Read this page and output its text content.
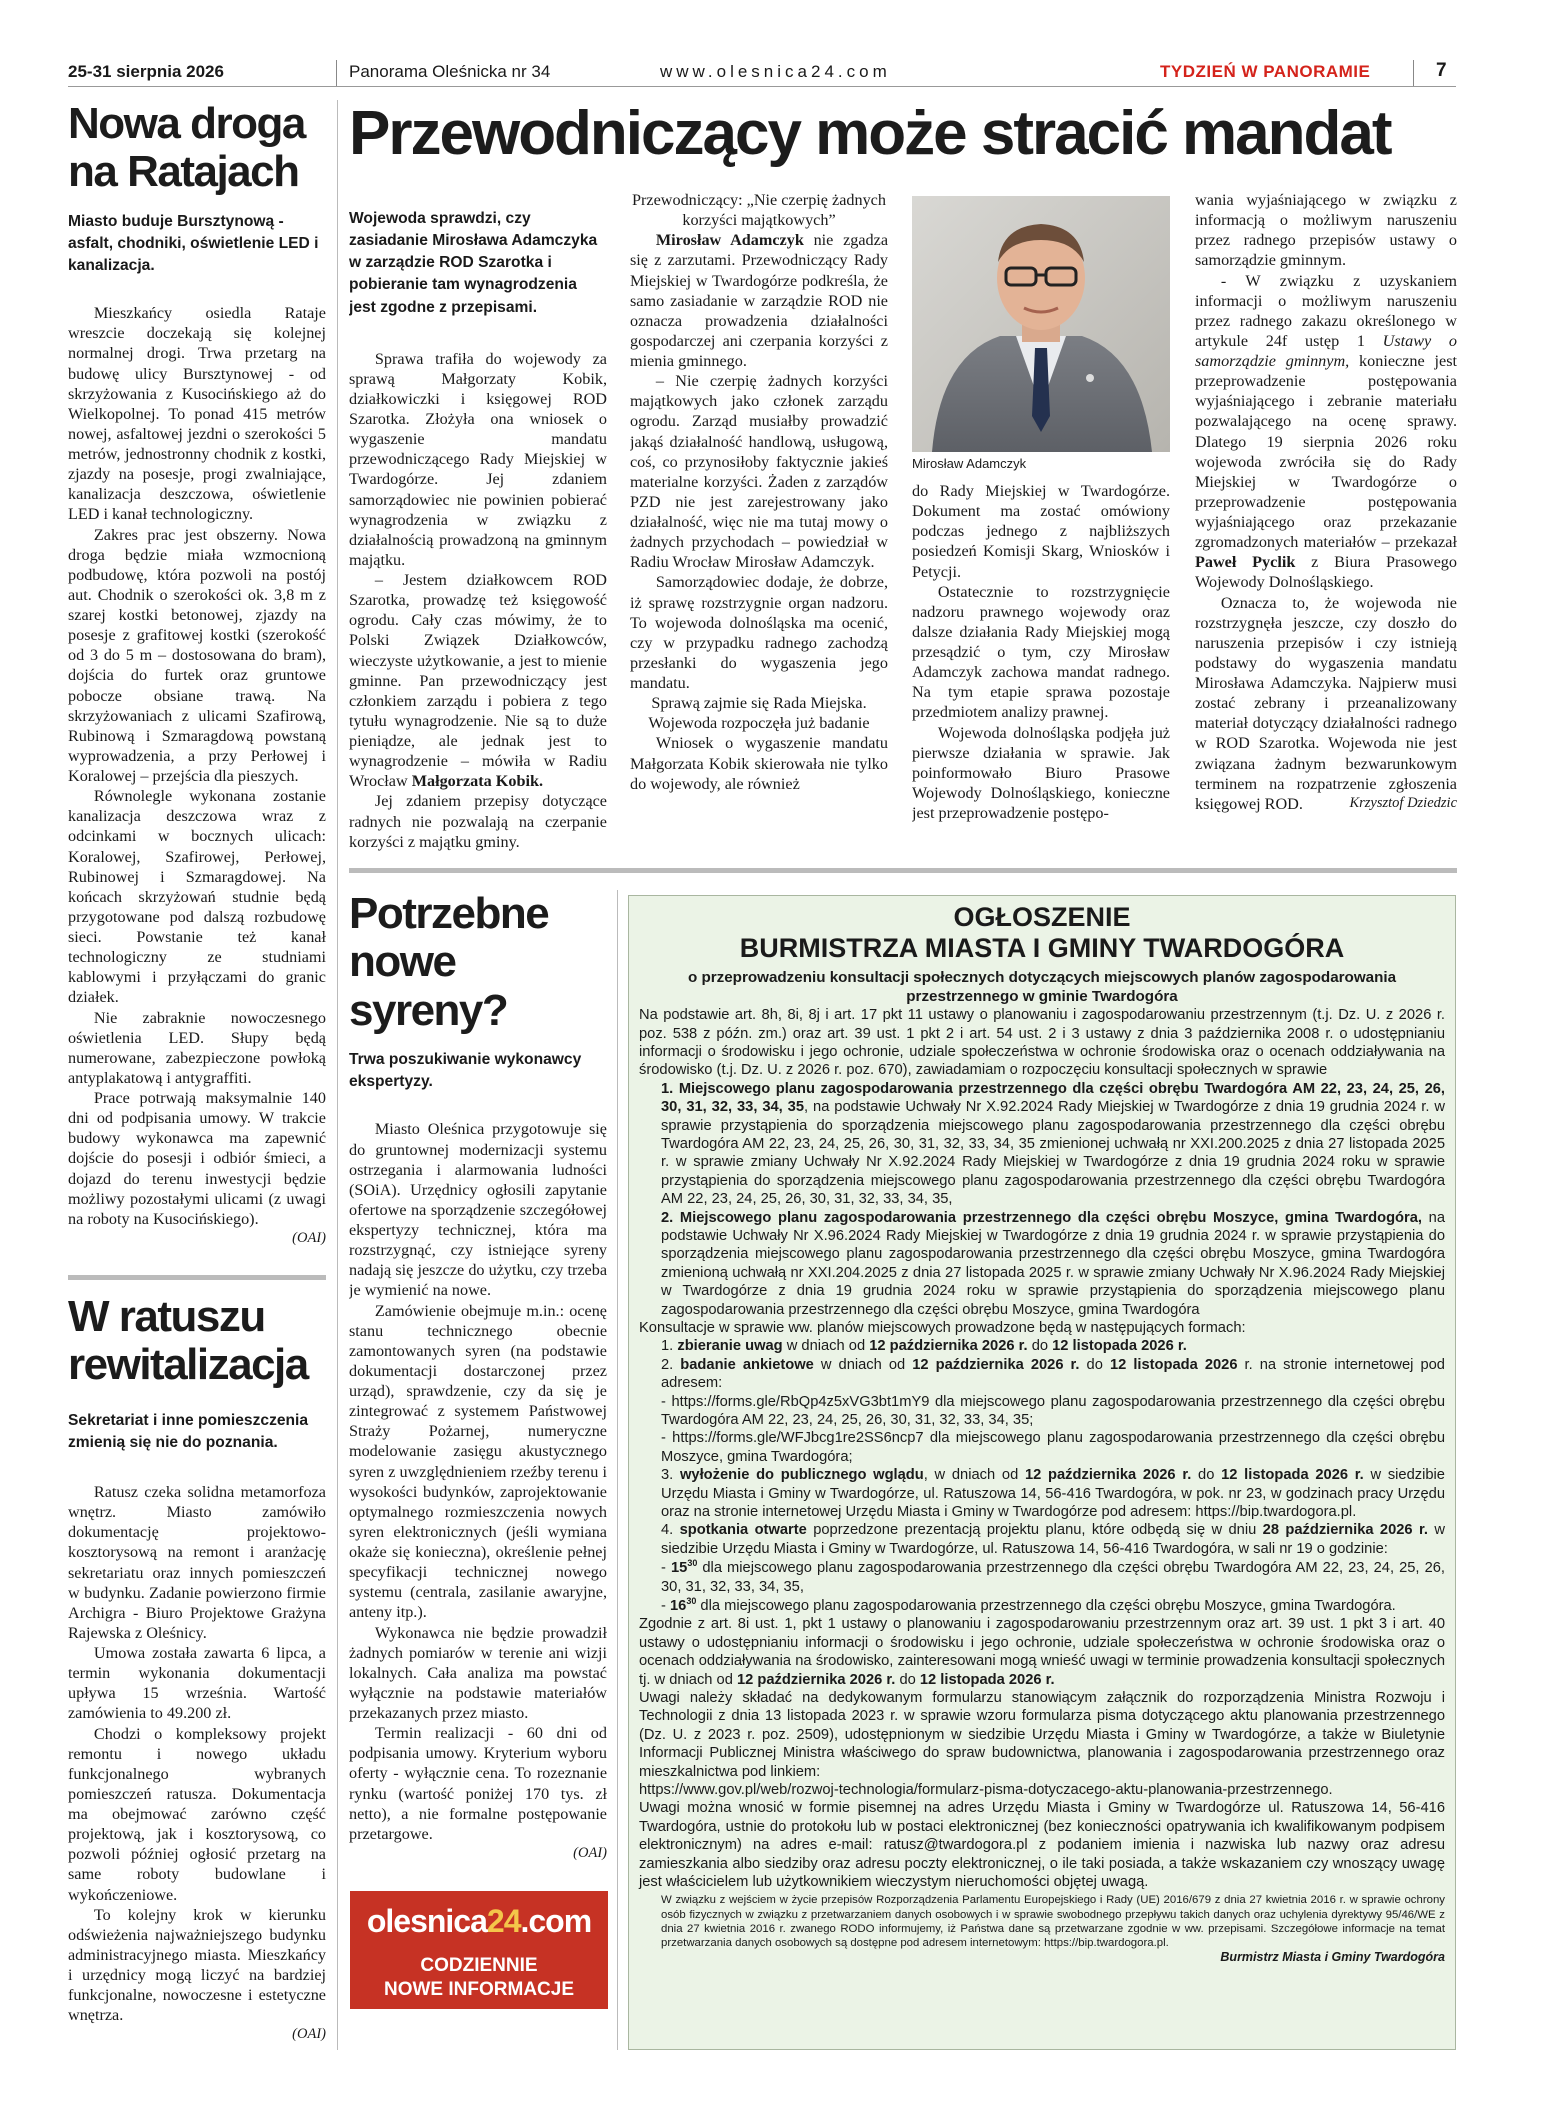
25-31 sierpnia 2026	Panorama Oleśnicka nr 34	www.olesnica24.com	TYDZIEŃ W PANORAMIE	7
Nowa droga
na Ratajach
Miasto buduje Bursztynową - asfalt, chodniki, oświetlenie LED i kanalizacja.

Mieszkańcy osiedla Rataje wreszcie doczekają się kolejnej normalnej drogi. Trwa przetarg na budowę ulicy Bursztynowej - od skrzyżowania z Kusocińskiego aż do Wielkopolnej. To ponad 415 metrów nowej, asfaltowej jezdni o szerokości 5 metrów, jednostronny chodnik z kostki, zjazdy na posesje, progi zwalniające, kanalizacja deszczowa, oświetlenie LED i kanał technologiczny.

Zakres prac jest obszerny. Nowa droga będzie miała wzmocnioną podbudowę, która pozwoli na postój aut. Chodnik o szerokości ok. 3,8 m z szarej kostki betonowej, zjazdy na posesje z grafitowej kostki (szerokość od 3 do 5 m – dostosowana do bram), dojścia do furtek oraz gruntowe pobocze obsiane trawą. Na skrzyżowaniach z ulicami Szafirową, Rubinową i Szmaragdową powstaną wyprowadzenia, a przy Perłowej i Koralowej – przejścia dla pieszych.

Równolegle wykonana zostanie kanalizacja deszczowa wraz z odcinkami w bocznych ulicach: Koralowej, Szafirowej, Perłowej, Rubinowej i Szmaragdowej. Na końcach skrzyżowań studnie będą przygotowane pod dalszą rozbudowę sieci. Powstanie też kanał technologiczny ze studniami kablowymi i przyłączami do granic działek.

Nie zabraknie nowoczesnego oświetlenia LED. Słupy będą numerowane, zabezpieczone powłoką antyplakatową i antygraffiti.

Prace potrwają maksymalnie 140 dni od podpisania umowy. W trakcie budowy wykonawca ma zapewnić dojście do posesji i odbiór śmieci, a dojazd do terenu inwestycji będzie możliwy pozostałymi ulicami (z uwagi na roboty na Kusocińskiego).

(OAI)
W ratuszu
rewitalizacja
Sekretariat i inne pomieszczenia zmienią się nie do poznania.

Ratusz czeka solidna metamorfoza wnętrz. Miasto zamówiło dokumentację projektowo-kosztorysową na remont i aranżację sekretariatu oraz innych pomieszczeń w budynku. Zadanie powierzono firmie Archigra - Biuro Projektowe Grażyna Rajewska z Oleśnicy.

Umowa została zawarta 6 lipca, a termin wykonania dokumentacji upływa 15 września. Wartość zamówienia to 49.200 zł.

Chodzi o kompleksowy projekt remontu i nowego układu funkcjonalnego wybranych pomieszczeń ratusza. Dokumentacja ma obejmować zarówno część projektową, jak i kosztorysową, co pozwoli później ogłosić przetarg na same roboty budowlane i wykończeniowe.

To kolejny krok w kierunku odświeżenia najważniejszego budynku administracyjnego miasta. Mieszkańcy i urzędnicy mogą liczyć na bardziej funkcjonalne, nowoczesne i estetyczne wnętrza.

(OAI)
Przewodniczący może stracić mandat
Wojewoda sprawdzi, czy zasiadanie Mirosława Adamczyka w zarządzie ROD Szarotka i pobieranie tam wynagrodzenia jest zgodne z przepisami.

Sprawa trafiła do wojewody za sprawą Małgorzaty Kobik, działkowiczki i księgowej ROD Szarotka. Złożyła ona wniosek o wygaszenie mandatu przewodniczącego Rady Miejskiej w Twardogórze. Jej zdaniem samorządowiec nie powinien pobierać wynagrodzenia w związku z działalnością prowadzoną na gminnym majątku.

– Jestem działkowcem ROD Szarotka, prowadzę też księgowość ogrodu. Cały czas mówimy, że to Polski Związek Działkowców, wieczyste użytkowanie, a jest to mienie gminne. Pan przewodniczący jest członkiem zarządu i pobiera z tego tytułu wynagrodzenie. Nie są to duże pieniądze, ale jednak jest to wynagrodzenie – mówiła w Radiu Wrocław Małgorzata Kobik.

Jej zdaniem przepisy dotyczące radnych nie pozwalają na czerpanie korzyści z majątku gminy.

Przewodniczący: „Nie czerpię żadnych korzyści majątkowych”

Mirosław Adamczyk nie zgadza się z zarzutami. Przewodniczący Rady Miejskiej w Twardogórze podkreśla, że samo zasiadanie w zarządzie ROD nie oznacza prowadzenia działalności gospodarczej ani czerpania korzyści z mienia gminnego.

– Nie czerpię żadnych korzyści majątkowych jako członek zarządu ogrodu. Zarząd musiałby prowadzić jakąś działalność handlową, usługową, coś, co przynosiłoby faktycznie jakieś materialne korzyści. Żaden z zarządów PZD nie jest zarejestrowany jako działalność, więc nie ma tutaj mowy o żadnych przychodach – powiedział w Radiu Wrocław Mirosław Adamczyk.

Samorządowiec dodaje, że dobrze, iż sprawę rozstrzygnie organ nadzoru. To wojewoda dolnośląska ma ocenić, czy w przypadku radnego zachodzą przesłanki do wygaszenia jego mandatu.

Sprawą zajmie się Rada Miejska. Wojewoda rozpoczęła już badanie

Wniosek o wygaszenie mandatu Małgorzata Kobik skierowała nie tylko do wojewody, ale również

Mirosław Adamczyk

do Rady Miejskiej w Twardogórze. Dokument ma zostać omówiony podczas jednego z najbliższych posiedzeń Komisji Skarg, Wniosków i Petycji.

Ostatecznie to rozstrzygnięcie nadzoru prawnego wojewody oraz dalsze działania Rady Miejskiej mogą przesądzić o tym, czy Mirosław Adamczyk zachowa mandat radnego. Na tym etapie sprawa pozostaje przedmiotem analizy prawnej.

Wojewoda dolnośląska podjęła już pierwsze działania w sprawie. Jak poinformowało Biuro Prasowe Wojewody Dolnośląskiego, konieczne jest przeprowadzenie postępo-

wania wyjaśniającego w związku z informacją o możliwym naruszeniu przez radnego przepisów ustawy o samorządzie gminnym.

- W związku z uzyskaniem informacji o możliwym naruszeniu przez radnego zakazu określonego w artykule 24f ustęp 1 Ustawy o samorządzie gminnym, konieczne jest przeprowadzenie postępowania wyjaśniającego i zebranie materiału pozwalającego na ocenę sprawy. Dlatego 19 sierpnia 2026 roku wojewoda zwróciła się do Rady Miejskiej w Twardogórze o przeprowadzenie postępowania wyjaśniającego oraz przekazanie zgromadzonych materiałów – przekazał Paweł Pyclik z Biura Prasowego Wojewody Dolnośląskiego.

Oznacza to, że wojewoda nie rozstrzygnęła jeszcze, czy doszło do naruszenia przepisów i czy istnieją podstawy do wygaszenia mandatu Mirosława Adamczyka. Najpierw musi zostać zebrany i przeanalizowany materiał dotyczący działalności radnego w ROD Szarotka. Wojewoda nie jest związana żadnym bezwarunkowym terminem na rozpatrzenie zgłoszenia księgowej ROD.	Krzysztof Dziedzic
Potrzebne
nowe syreny?
Trwa poszukiwanie wykonawcy ekspertyzy.

Miasto Oleśnica przygotowuje się do gruntownej modernizacji systemu ostrzegania i alarmowania ludności (SOiA). Urzędnicy ogłosili zapytanie ofertowe na sporządzenie szczegółowej ekspertyzy technicznej, która ma rozstrzygnąć, czy istniejące syreny nadają się jeszcze do użytku, czy trzeba je wymienić na nowe.

Zamówienie obejmuje m.in.: ocenę stanu technicznego obecnie zamontowanych syren (na podstawie dokumentacji dostarczonej przez urząd), sprawdzenie, czy da się je zintegrować z systemem Państwowej Straży Pożarnej, numeryczne modelowanie zasięgu akustycznego syren z uwzględnieniem rzeźby terenu i wysokości budynków, zaprojektowanie optymalnego rozmieszczenia nowych syren elektronicznych (jeśli wymiana okaże się konieczna), określenie pełnej specyfikacji technicznej nowego systemu (centrala, zasilanie awaryjne, anteny itp.).

Wykonawca nie będzie prowadził żadnych pomiarów w terenie ani wizji lokalnych. Cała analiza ma powstać wyłącznie na podstawie materiałów przekazanych przez miasto.

Termin realizacji - 60 dni od podpisania umowy. Kryterium wyboru oferty - wyłącznie cena. To rozeznanie rynku (wartość poniżej 170 tys. zł netto), a nie formalne postępowanie przetargowe.

(OAI)
olesnica24.com
CODZIENNIE
NOWE INFORMACJE
OGŁOSZENIE
BURMISTRZA MIASTA I GMINY TWARDOGÓRA
o przeprowadzeniu konsultacji społecznych dotyczących miejscowych planów zagospodarowania przestrzennego w gminie Twardogóra
Na podstawie art. 8h, 8i, 8j i art. 17 pkt 11 ustawy o planowaniu i zagospodarowaniu przestrzennym (t.j. Dz. U. z 2026 r. poz. 538 z późn. zm.) oraz art. 39 ust. 1 pkt 2 i art. 54 ust. 2 i 3 ustawy z dnia 3 października 2008 r. o udostępnianiu informacji o środowisku i jego ochronie, udziale społeczeństwa w ochronie środowiska oraz o ocenach oddziaływania na środowisko (t.j. Dz. U. z 2026 r. poz. 670), zawiadamiam o rozpoczęciu konsultacji społecznych w sprawie
1. Miejscowego planu zagospodarowania przestrzennego dla części obrębu Twardogóra AM 22, 23, 24, 25, 26, 30, 31, 32, 33, 34, 35, na podstawie Uchwały Nr X.92.2024 Rady Miejskiej w Twardogórze z dnia 19 grudnia 2024 r. w sprawie przystąpienia do sporządzenia miejscowego planu zagospodarowania przestrzennego dla części obrębu Twardogóra AM 22, 23, 24, 25, 26, 30, 31, 32, 33, 34, 35 zmienionej uchwałą nr XXI.200.2025 z dnia 27 listopada 2025 r. w sprawie zmiany Uchwały Nr X.92.2024 Rady Miejskiej w Twardogórze z dnia 19 grudnia 2024 roku w sprawie przystąpienia do sporządzenia miejscowego planu zagospodarowania przestrzennego dla części obrębu Twardogóra AM 22, 23, 24, 25, 26, 30, 31, 32, 33, 34, 35,
2. Miejscowego planu zagospodarowania przestrzennego dla części obrębu Moszyce, gmina Twardogóra, na podstawie Uchwały Nr X.96.2024 Rady Miejskiej w Twardogórze z dnia 19 grudnia 2024 r. w sprawie przystąpienia do sporządzenia miejscowego planu zagospodarowania przestrzennego dla części obrębu Moszyce, gmina Twardogóra zmienioną uchwałą nr XXI.204.2025 z dnia 27 listopada 2025 r. w sprawie zmiany Uchwały Nr X.96.2024 Rady Miejskiej w Twardogórze z dnia 19 grudnia 2024 roku w sprawie przystąpienia do sporządzenia miejscowego planu zagospodarowania przestrzennego dla części obrębu Moszyce, gmina Twardogóra
Konsultacje w sprawie ww. planów miejscowych prowadzone będą w następujących formach:
1. zbieranie uwag w dniach od 12 października 2026 r. do 12 listopada 2026 r.
2. badanie ankietowe w dniach od 12 października 2026 r. do 12 listopada 2026 r. na stronie internetowej pod adresem:
- https://forms.gle/RbQp4z5xVG3bt1mY9 dla miejscowego planu zagospodarowania przestrzennego dla części obrębu Twardogóra AM 22, 23, 24, 25, 26, 30, 31, 32, 33, 34, 35;
- https://forms.gle/WFJbcg1re2SS6ncp7 dla miejscowego planu zagospodarowania przestrzennego dla części obrębu Moszyce, gmina Twardogóra;
3. wyłożenie do publicznego wglądu, w dniach od 12 października 2026 r. do 12 listopada 2026 r. w siedzibie Urzędu Miasta i Gminy w Twardogórze, ul. Ratuszowa 14, 56-416 Twardogóra, w pok. nr 23, w godzinach pracy Urzędu oraz na stronie internetowej Urzędu Miasta i Gminy w Twardogórze pod adresem: https://bip.twardogora.pl.
4. spotkania otwarte poprzedzone prezentacją projektu planu, które odbędą się w dniu 28 października 2026 r. w siedzibie Urzędu Miasta i Gminy w Twardogórze, ul. Ratuszowa 14, 56-416 Twardogóra, w sali nr 19 o godzinie:
- $15^{30}$ dla miejscowego planu zagospodarowania przestrzennego dla części obrębu Twardogóra AM 22, 23, 24, 25, 26, 30, 31, 32, 33, 34, 35,
- $16^{30}$ dla miejscowego planu zagospodarowania przestrzennego dla części obrębu Moszyce, gmina Twardogóra.
Zgodnie z art. 8i ust. 1, pkt 1 ustawy o planowaniu i zagospodarowaniu przestrzennym oraz art. 39 ust. 1 pkt 3 i art. 40 ustawy o udostępnianiu informacji o środowisku i jego ochronie, udziale społeczeństwa w ochronie środowiska oraz o ocenach oddziaływania na środowisko, zainteresowani mogą wnieść uwagi w terminie prowadzenia konsultacji społecznych tj. w dniach od 12 października 2026 r. do 12 listopada 2026 r.
Uwagi należy składać na dedykowanym formularzu stanowiącym załącznik do rozporządzenia Ministra Rozwoju i Technologii z dnia 13 listopada 2023 r. w sprawie wzoru formularza pisma dotyczącego aktu planowania przestrzennego (Dz. U. z 2023 r. poz. 2509), udostępnionym w siedzibie Urzędu Miasta i Gminy w Twardogórze, a także w Biuletynie Informacji Publicznej Ministra właściwego do spraw budownictwa, planowania i zagospodarowania przestrzennego oraz mieszkalnictwa pod linkiem:
https://www.gov.pl/web/rozwoj-technologia/formularz-pisma-dotyczacego-aktu-planowania-przestrzennego.
Uwagi można wnosić w formie pisemnej na adres Urzędu Miasta i Gminy w Twardogórze ul. Ratuszowa 14, 56-416 Twardogóra, ustnie do protokołu lub w postaci elektronicznej (bez konieczności opatrywania ich kwalifikowanym podpisem elektronicznym) na adres e-mail: ratusz@twardogora.pl z podaniem imienia i nazwiska lub nazwy oraz adresu zamieszkania albo siedziby oraz adresu poczty elektronicznej, o ile taki posiada, a także wskazaniem czy wnoszący uwagę jest właścicielem lub użytkownikiem wieczystym nieruchomości objętej uwagą.
W związku z wejściem w życie przepisów Rozporządzenia Parlamentu Europejskiego i Rady (UE) 2016/679 z dnia 27 kwietnia 2016 r. w sprawie ochrony osób fizycznych w związku z przetwarzaniem danych osobowych i w sprawie swobodnego przepływu takich danych oraz uchylenia dyrektywy 95/46/WE z dnia 27 kwietnia 2016 r. zwanego RODO informujemy, iż Państwa dane są przetwarzane zgodnie w ww. przepisami. Szczegółowe informacje na temat przetwarzania danych osobowych są dostępne pod adresem internetowym: https://bip.twardogora.pl.
Burmistrz Miasta i Gminy Twardogóra
